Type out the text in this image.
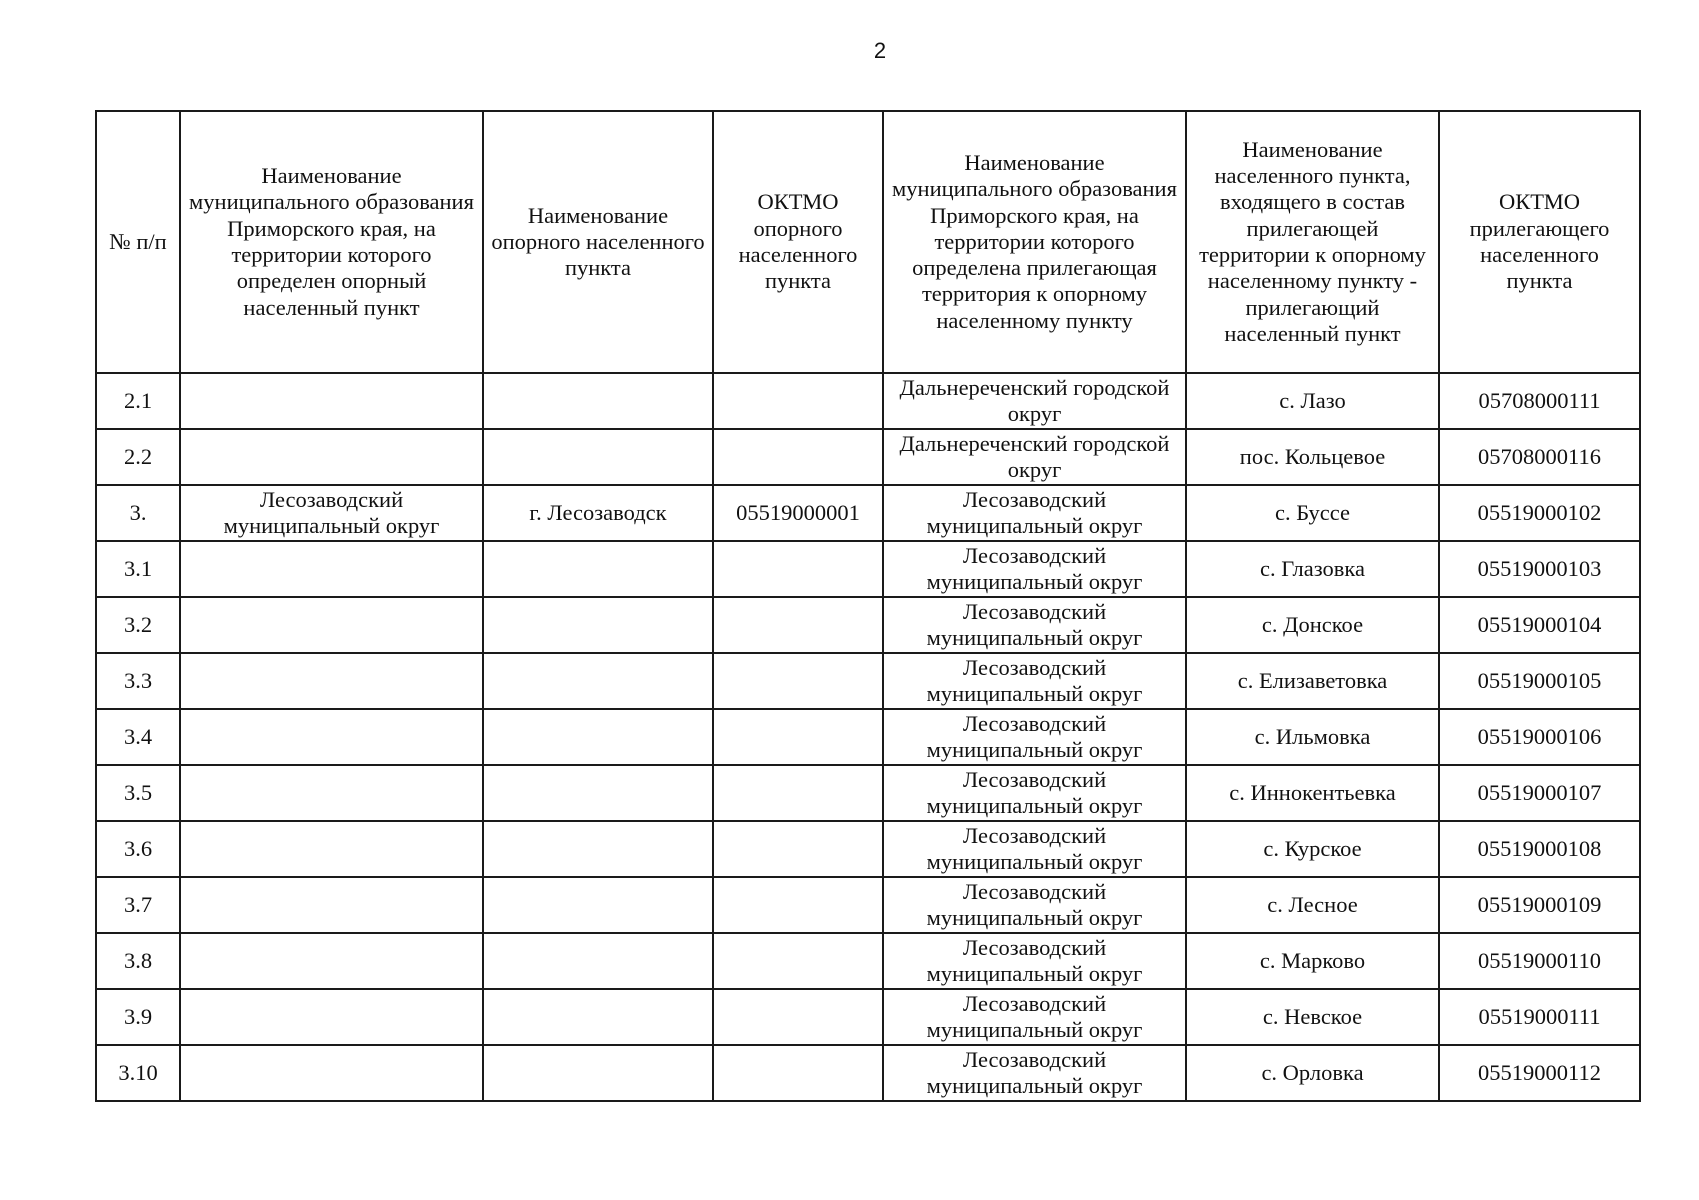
2
№ п/п	Наименование муниципального образования Приморского края, на территории которого определен опорный населенный пункт	Наименование опорного населенного пункта	ОКТМО опорного населенного пункта	Наименование муниципального образования Приморского края, на территории которого определена прилегающая территория к опорному населенному пункту	Наименование населенного пункта, входящего в состав прилегающей территории к опорному населенному пункту - прилегающий населенный пункт	ОКТМО прилегающего населенного пункта
2.1				Дальнереченский городской округ	с. Лазо	05708000111
2.2				Дальнереченский городской округ	пос. Кольцевое	05708000116
3.	Лесозаводский муниципальный округ	г. Лесозаводск	05519000001	Лесозаводский муниципальный округ	с. Буссе	05519000102
3.1				Лесозаводский муниципальный округ	с. Глазовка	05519000103
3.2				Лесозаводский муниципальный округ	с. Донское	05519000104
3.3				Лесозаводский муниципальный округ	с. Елизаветовка	05519000105
3.4				Лесозаводский муниципальный округ	с. Ильмовка	05519000106
3.5				Лесозаводский муниципальный округ	с. Иннокентьевка	05519000107
3.6				Лесозаводский муниципальный округ	с. Курское	05519000108
3.7				Лесозаводский муниципальный округ	с. Лесное	05519000109
3.8				Лесозаводский муниципальный округ	с. Марково	05519000110
3.9				Лесозаводский муниципальный округ	с. Невское	05519000111
3.10				Лесозаводский муниципальный округ	с. Орловка	05519000112
